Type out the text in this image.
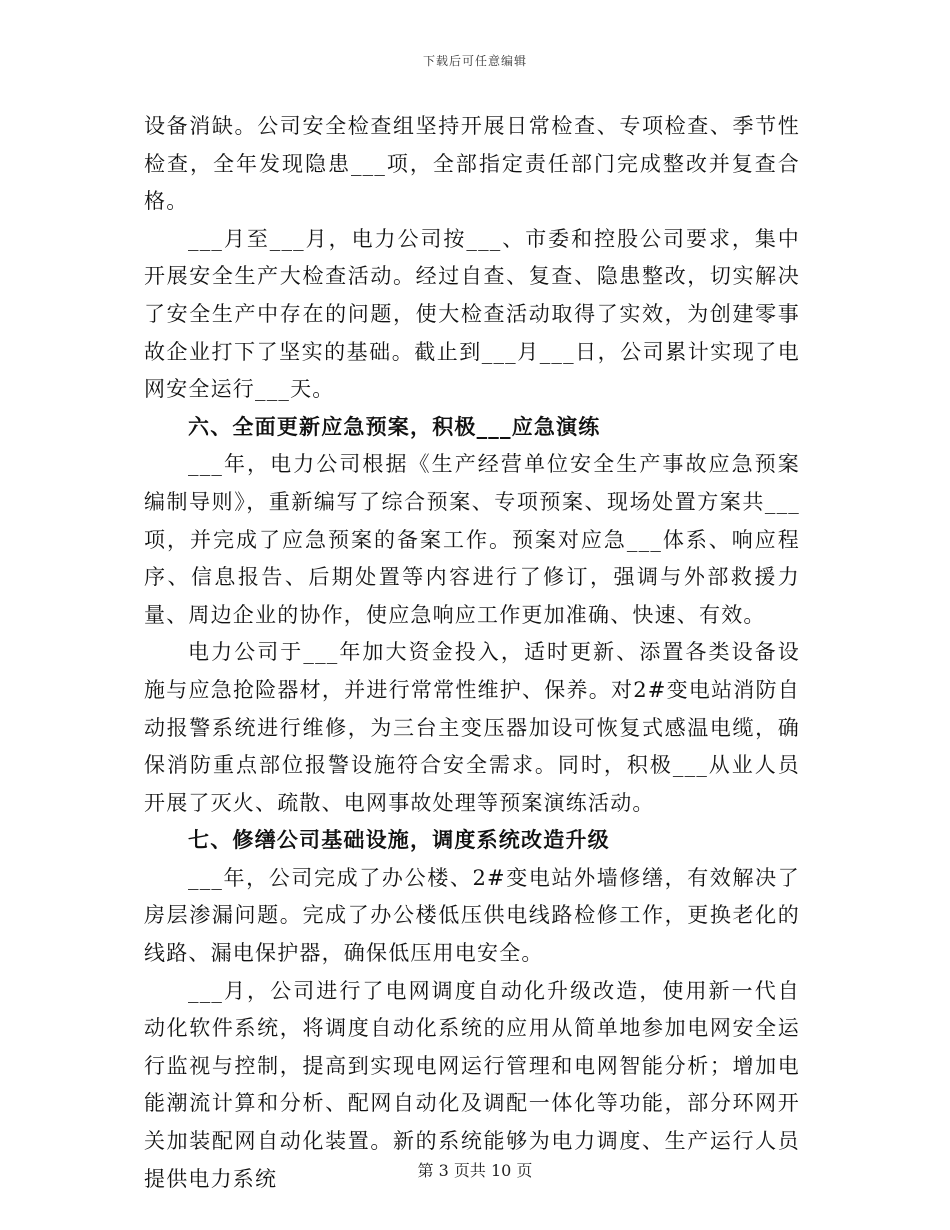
下载后可任意编辑

设备消缺。公司安全检查组坚持开展日常检查、专项检查、季节性检查，全年发现隐患___项，全部指定责任部门完成整改并复查合格。

___月至___月，电力公司按___、市委和控股公司要求，集中开展安全生产大检查活动。经过自查、复查、隐患整改，切实解决了安全生产中存在的问题，使大检查活动取得了实效，为创建零事故企业打下了坚实的基础。截止到___月___日，公司累计实现了电网安全运行___天。

六、全面更新应急预案，积极___应急演练

___年，电力公司根据《生产经营单位安全生产事故应急预案编制导则》，重新编写了综合预案、专项预案、现场处置方案共___项，并完成了应急预案的备案工作。预案对应急___体系、响应程序、信息报告、后期处置等内容进行了修订，强调与外部救援力量、周边企业的协作，使应急响应工作更加准确、快速、有效。

电力公司于___年加大资金投入，适时更新、添置各类设备设施与应急抢险器材，并进行常常性维护、保养。对2#变电站消防自动报警系统进行维修，为三台主变压器加设可恢复式感温电缆，确保消防重点部位报警设施符合安全需求。同时，积极___从业人员开展了灭火、疏散、电网事故处理等预案演练活动。

七、修缮公司基础设施，调度系统改造升级

___年，公司完成了办公楼、2#变电站外墙修缮，有效解决了房层渗漏问题。完成了办公楼低压供电线路检修工作，更换老化的线路、漏电保护器，确保低压用电安全。

___月，公司进行了电网调度自动化升级改造，使用新一代自动化软件系统，将调度自动化系统的应用从简单地参加电网安全运行监视与控制，提高到实现电网运行管理和电网智能分析；增加电能潮流计算和分析、配网自动化及调配一体化等功能，部分环网开关加装配网自动化装置。新的系统能够为电力调度、生产运行人员提供电力系统	第 3 页共 10 页
